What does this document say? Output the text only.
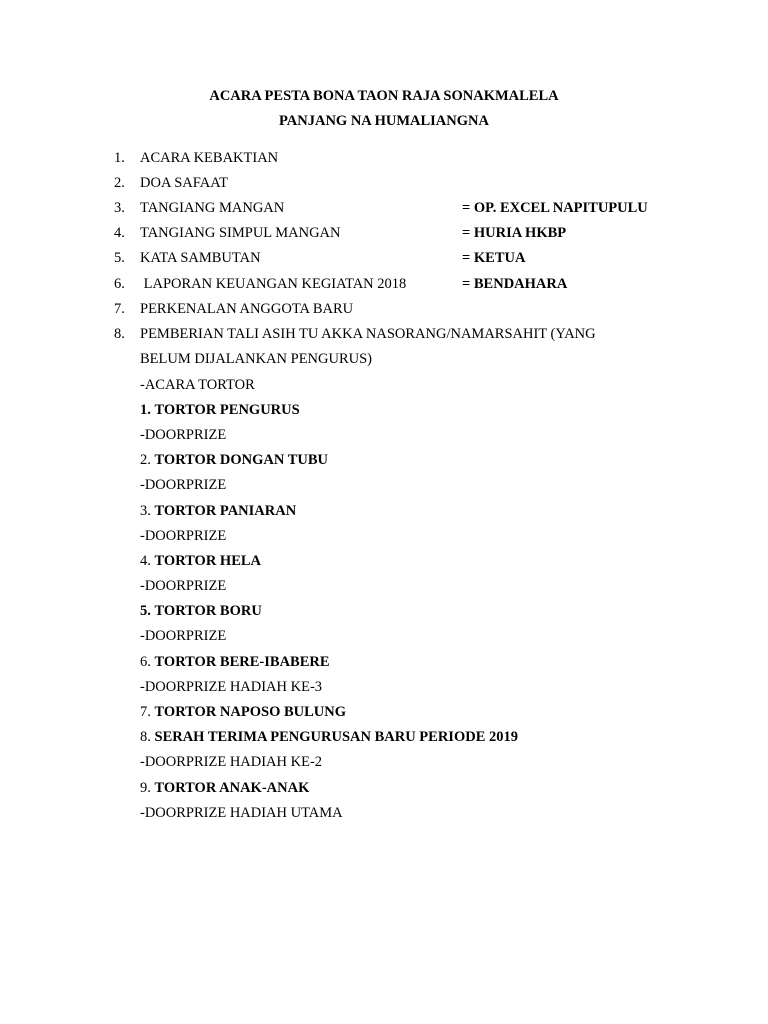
ACARA PESTA BONA TAON RAJA SONAKMALELA
PANJANG NA HUMALIANGNA
1. ACARA KEBAKTIAN
2. DOA SAFAAT
3. TANGIANG MANGAN	= OP. EXCEL NAPITUPULU
4. TANGIANG SIMPUL MANGAN	= HURIA HKBP
5. KATA SAMBUTAN	= KETUA
6. LAPORAN KEUANGAN KEGIATAN 2018	= BENDAHARA
7. PERKENALAN ANGGOTA BARU
8. PEMBERIAN TALI ASIH TU AKKA NASORANG/NAMARSAHIT (YANG
BELUM DIJALANKAN PENGURUS)
-ACARA TORTOR
1. TORTOR PENGURUS
-DOORPRIZE
2. TORTOR DONGAN TUBU
-DOORPRIZE
3. TORTOR PANIARAN
-DOORPRIZE
4. TORTOR HELA
-DOORPRIZE
5. TORTOR BORU
-DOORPRIZE
6. TORTOR BERE-IBABERE
-DOORPRIZE HADIAH KE-3
7. TORTOR NAPOSO BULUNG
8. SERAH TERIMA PENGURUSAN BARU PERIODE 2019
-DOORPRIZE HADIAH KE-2
9. TORTOR ANAK-ANAK
-DOORPRIZE HADIAH UTAMA
